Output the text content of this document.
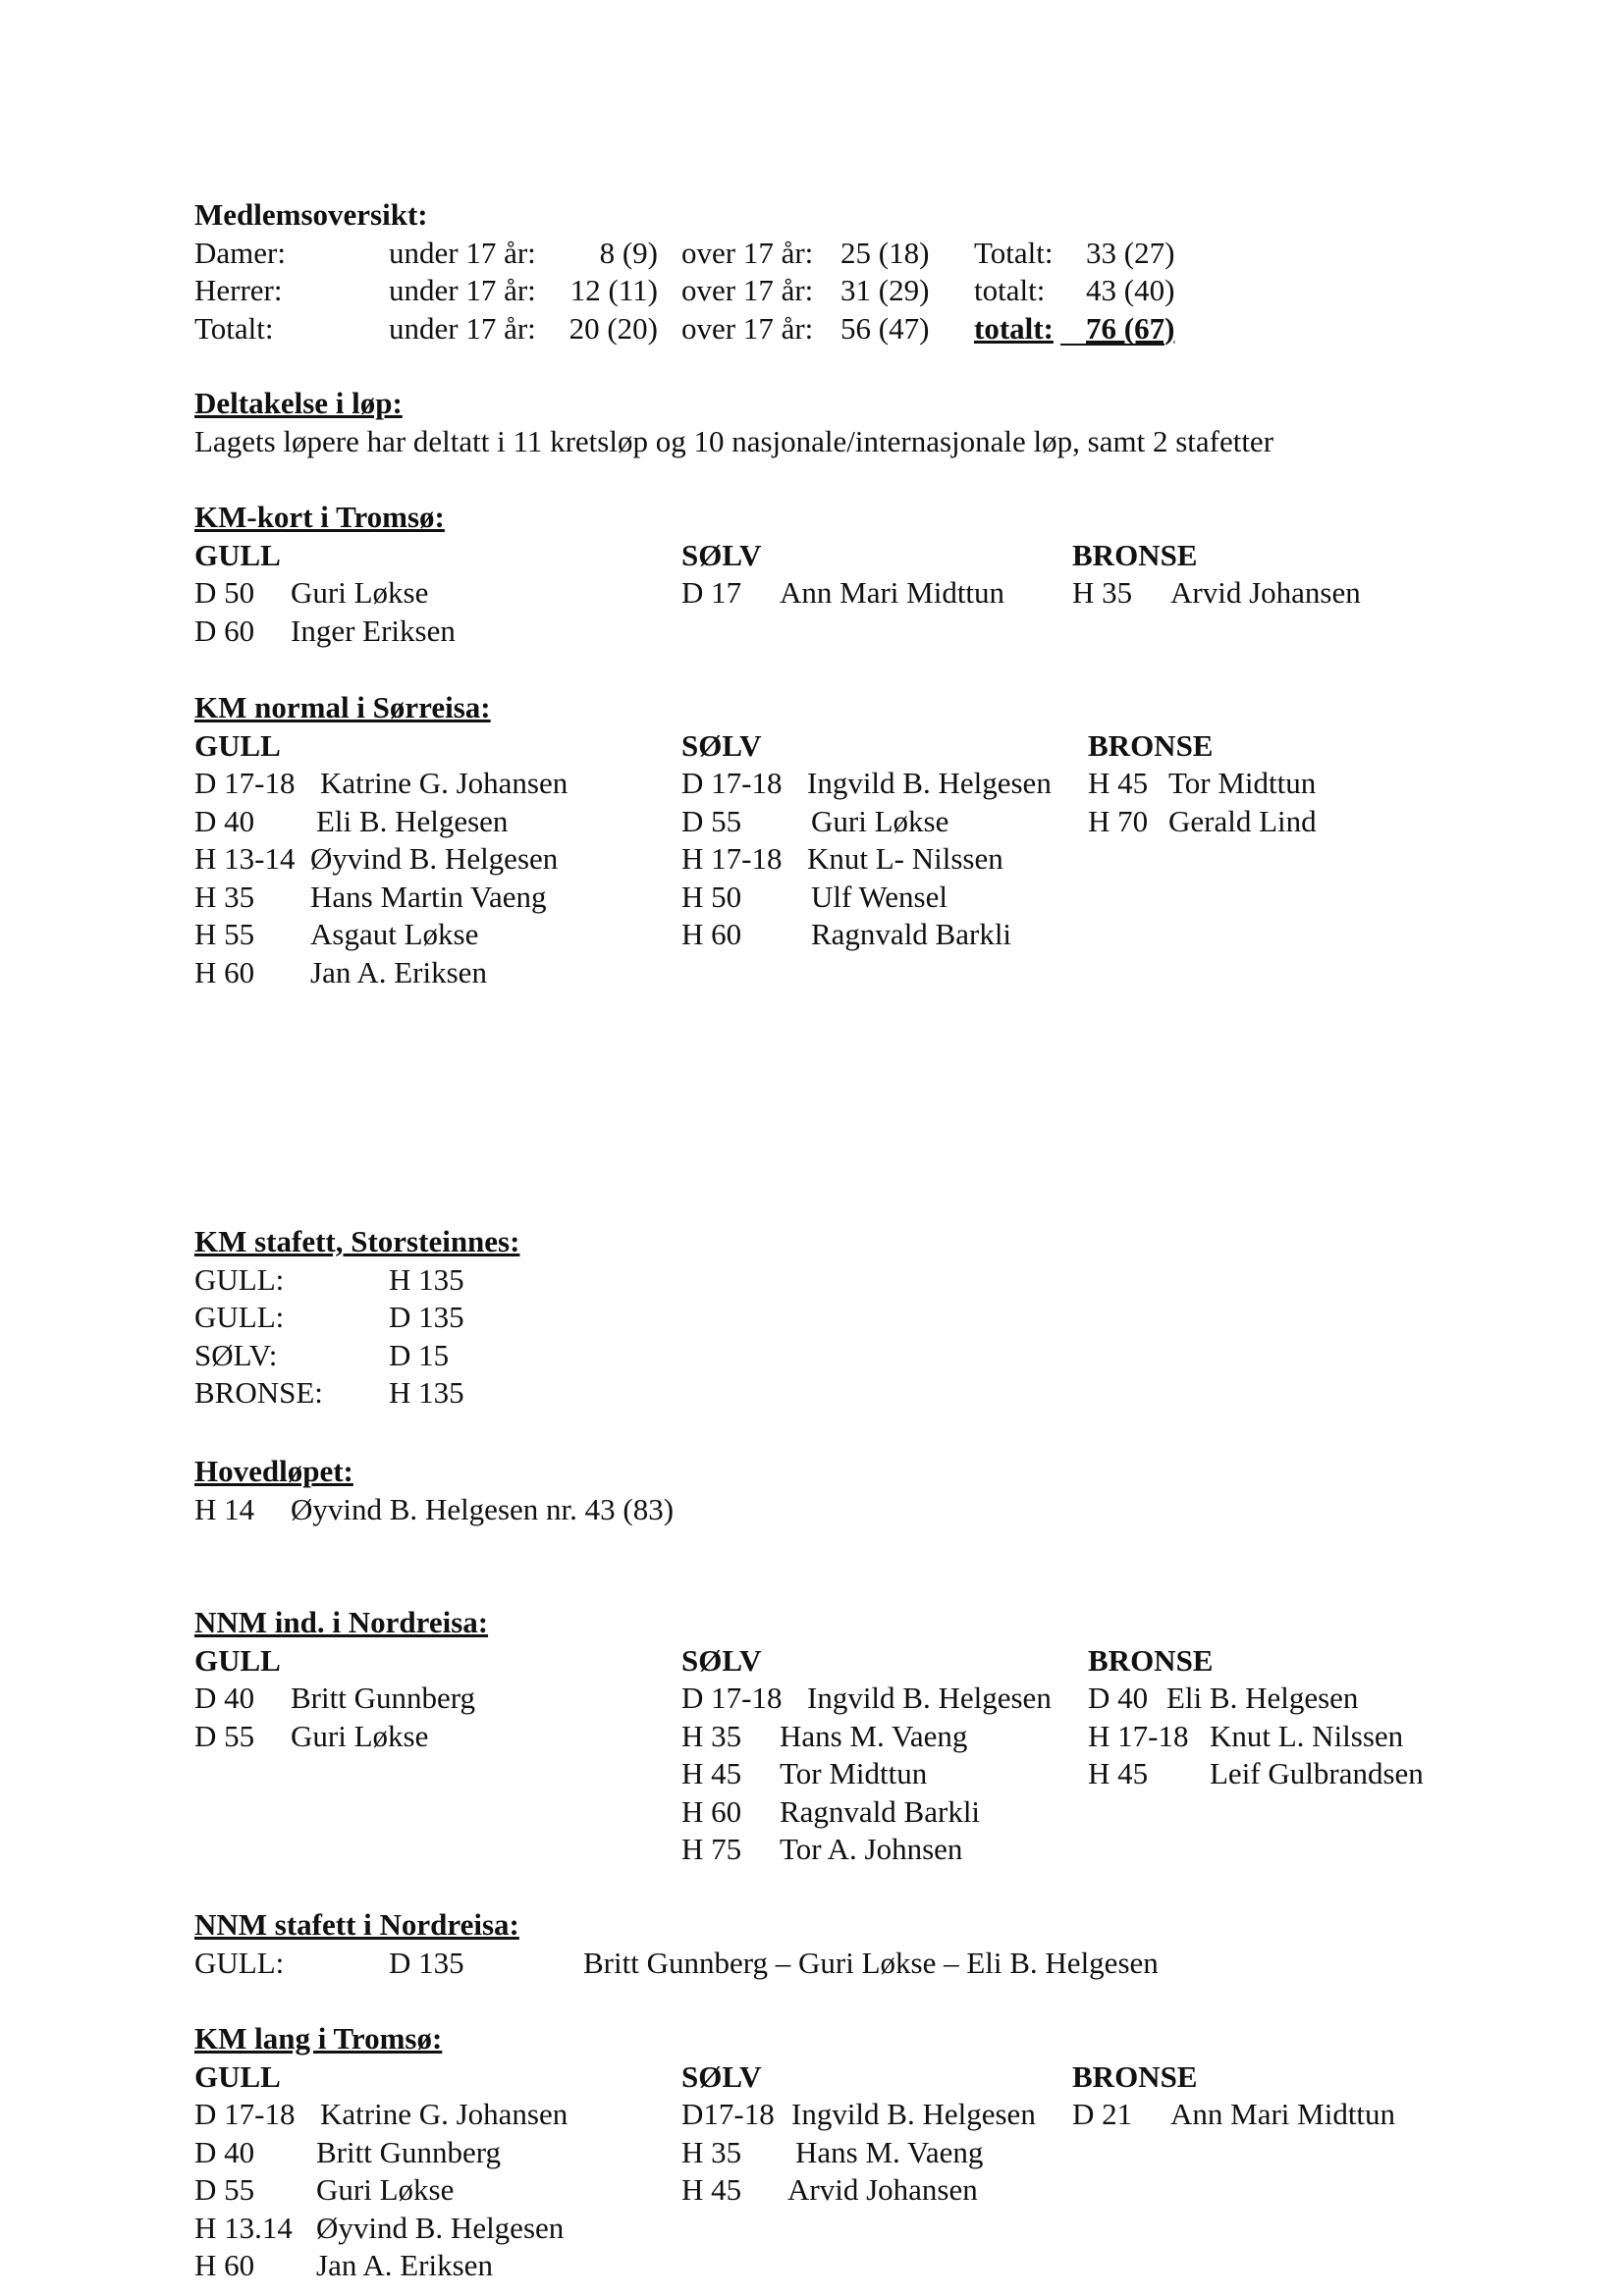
Medlemsoversikt:
Damer:	under 17 år:	8 (9) over 17 år: 25 (18) Totalt: 33 (27)
Herrer:	under 17 år: 12 (11) over 17 år: 31 (29) totalt: 43 (40)
Totalt:	under 17 år: 20 (20) over 17 år: 56 (47) totalt: 76 (67)
Deltakelse i løp:
Lagets løpere har deltatt i 11 kretsløp og 10 nasjonale/internasjonale løp, samt 2 stafetter
KM-kort i Tromsø:
GULL
D 50 Guri Løkse
D 60 Inger Eriksen
SØLV
D 17 Ann Mari Midttun
BRONSE
H 35 Arvid Johansen
KM normal i Sørreisa:
GULL
D 17-18 Katrine G. Johansen
D 40 Eli B. Helgesen
H 13-14 Øyvind B. Helgesen
H 35 Hans Martin Vaeng
H 55 Asgaut Løkse
H 60 Jan A. Eriksen
SØLV
D 17-18 Ingvild B. Helgesen
D 55 Guri Løkse
H 17-18 Knut L- Nilssen
H 50 Ulf Wensel
H 60 Ragnvald Barkli
BRONSE
H 45 Tor Midttun
H 70 Gerald Lind
KM stafett, Storsteinnes:
GULL:	H 135
GULL:	D 135
SØLV:	D 15
BRONSE: H 135
Hovedløpet:
H 14 Øyvind B. Helgesen nr. 43 (83)
NNM ind. i Nordreisa:
GULL
D 40 Britt Gunnberg
D 55 Guri Løkse
SØLV
D 17-18 Ingvild B. Helgesen
H 35 Hans M. Vaeng
H 45 Tor Midttun
H 60 Ragnvald Barkli
H 75 Tor A. Johnsen
BRONSE
D 40 Eli B. Helgesen
H 17-18 Knut L. Nilssen
H 45 Leif Gulbrandsen
NNM stafett i Nordreisa:
GULL:	D 135	Britt Gunnberg – Guri Løkse – Eli B. Helgesen
KM lang i Tromsø:
GULL
D 17-18 Katrine G. Johansen
D 40 Britt Gunnberg
D 55 Guri Løkse
H 13.14 Øyvind B. Helgesen
H 60 Jan A. Eriksen
SØLV
D17-18 Ingvild B. Helgesen
H 35 Hans M. Vaeng
H 45 Arvid Johansen
BRONSE
D 21 Ann Mari Midttun
